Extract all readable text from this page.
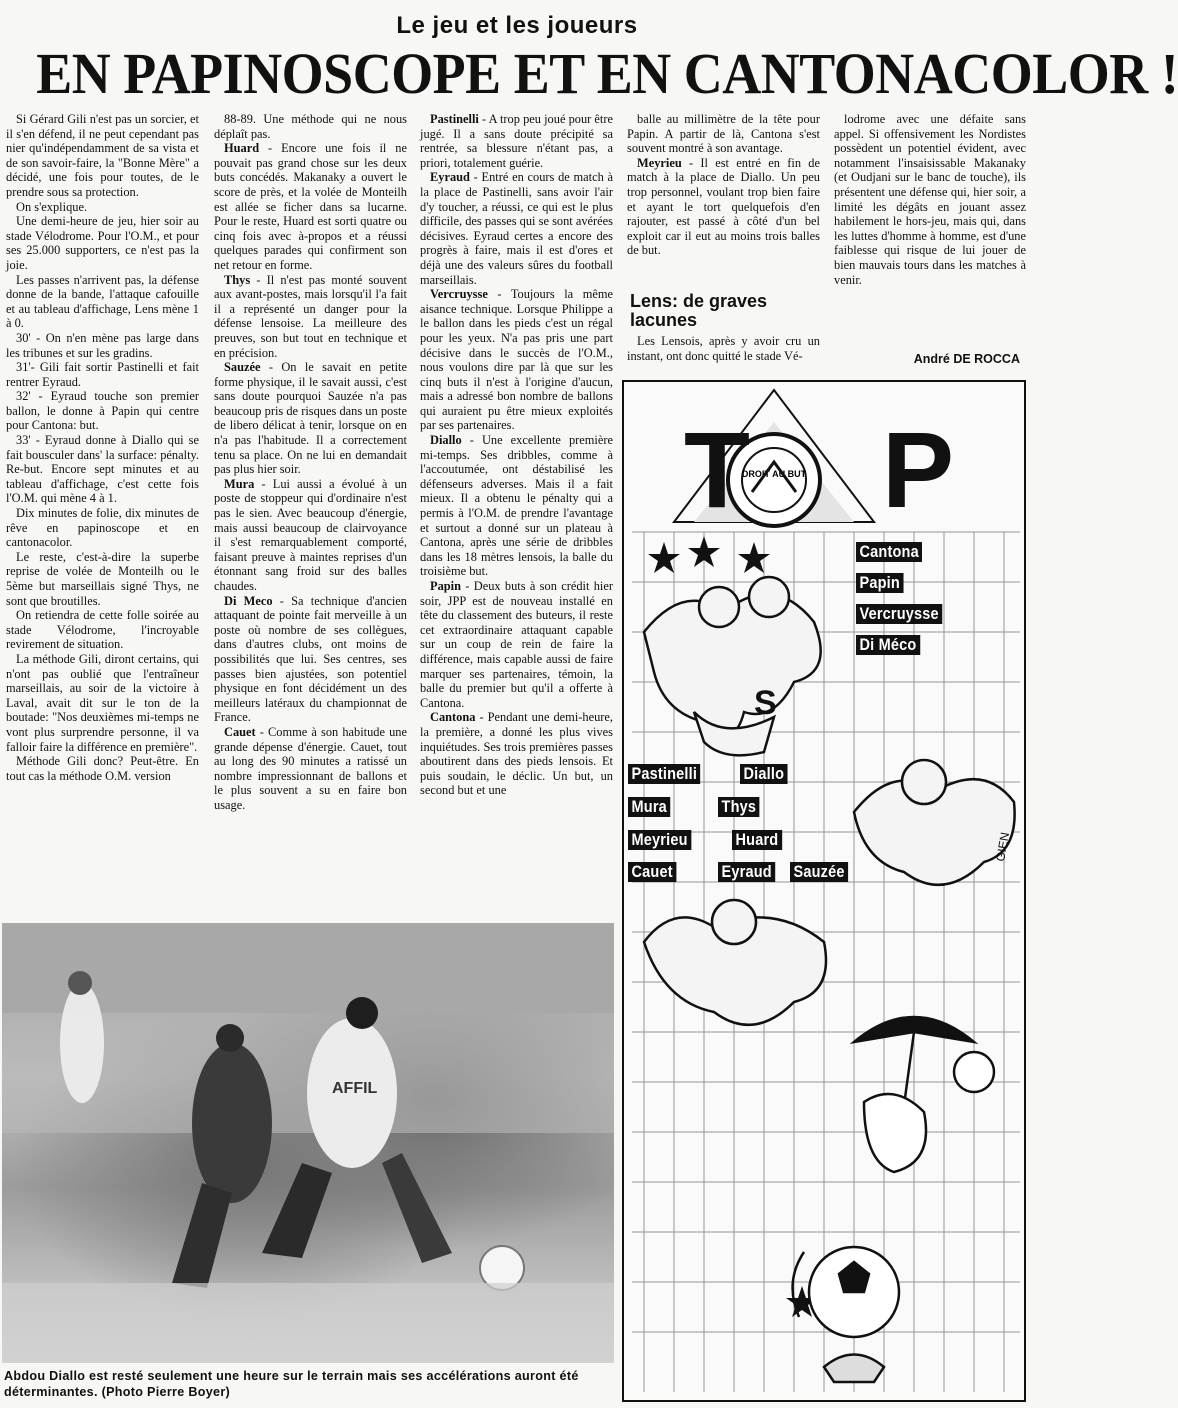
Le jeu et les joueurs
EN PAPINOSCOPE ET EN CANTONACOLOR !

Si Gérard Gili n'est pas un sorcier, et il s'en défend, il ne peut cependant pas nier qu'indépendamment de sa vista et de son savoir-faire, la "Bonne Mère" a décidé, une fois pour toutes, de le prendre sous sa protection.

On s'explique.

Une demi-heure de jeu, hier soir au stade Vélodrome. Pour l'O.M., et pour ses 25.000 supporters, ce n'est pas la joie.

Les passes n'arrivent pas, la défense donne de la bande, l'attaque cafouille et au tableau d'affichage, Lens mène 1 à 0.

30' - On n'en mène pas large dans les tribunes et sur les gradins.

31'- Gili fait sortir Pastinelli et fait rentrer Eyraud.

32' - Eyraud touche son premier ballon, le donne à Papin qui centre pour Cantona: but.

33' - Eyraud donne à Diallo qui se fait bousculer dans' la surface: pénalty. Re-but. Encore sept minutes et au tableau d'affichage, c'est cette fois l'O.M. qui mène 4 à 1.

Dix minutes de folie, dix minutes de rêve en papinoscope et en cantonacolor.

Le reste, c'est-à-dire la superbe reprise de volée de Monteilh ou le 5ème but marseillais signé Thys, ne sont que broutilles.

On retiendra de cette folle soirée au stade Vélodrome, l'incroyable revirement de situation.

La méthode Gili, diront certains, qui n'ont pas oublié que l'entraîneur marseillais, au soir de la victoire à Laval, avait dit sur le ton de la boutade: "Nos deuxièmes mi-temps ne vont plus surprendre personne, il va falloir faire la différence en première".

Méthode Gili donc? Peut-être. En tout cas la méthode O.M. version

88-89. Une méthode qui ne nous déplaît pas.

Huard - Encore une fois il ne pouvait pas grand chose sur les deux buts concédés. Makanaky a ouvert le score de près, et la volée de Monteilh est allée se ficher dans sa lucarne. Pour le reste, Huard est sorti quatre ou cinq fois avec à-propos et a réussi quelques parades qui confirment son net retour en forme.

Thys - Il n'est pas monté souvent aux avant-postes, mais lorsqu'il l'a fait il a représenté un danger pour la défense lensoise. La meilleure des preuves, son but tout en technique et en précision.

Sauzée - On le savait en petite forme physique, il le savait aussi, c'est sans doute pourquoi Sauzée n'a pas beaucoup pris de risques dans un poste de libero délicat à tenir, lorsque on en n'a pas l'habitude. Il a correctement tenu sa place. On ne lui en demandait pas plus hier soir.

Mura - Lui aussi a évolué à un poste de stoppeur qui d'ordinaire n'est pas le sien. Avec beaucoup d'énergie, mais aussi beaucoup de clairvoyance il s'est remarquablement comporté, faisant preuve à maintes reprises d'un étonnant sang froid sur des balles chaudes.

Di Meco - Sa technique d'ancien attaquant de pointe fait merveille à un poste où nombre de ses collègues, dans d'autres clubs, ont moins de possibilités que lui. Ses centres, ses passes bien ajustées, son potentiel physique en font décidément un des meilleurs latéraux du championnat de France.

Cauet - Comme à son habitude une grande dépense d'énergie. Cauet, tout au long des 90 minutes a ratissé un nombre impressionnant de ballons et le plus souvent a su en faire bon usage.

Pastinelli - A trop peu joué pour être jugé. Il a sans doute précipité sa rentrée, sa blessure n'étant pas, a priori, totalement guérie.

Eyraud - Entré en cours de match à la place de Pastinelli, sans avoir l'air d'y toucher, a réussi, ce qui est le plus difficile, des passes qui se sont avérées décisives. Eyraud certes a encore des progrès à faire, mais il est d'ores et déjà une des valeurs sûres du football marseillais.

Vercruysse - Toujours la même aisance technique. Lorsque Philippe a le ballon dans les pieds c'est un régal pour les yeux. N'a pas pris une part décisive dans le succès de l'O.M., nous voulons dire par là que sur les cinq buts il n'est à l'origine d'aucun, mais a adressé bon nombre de ballons qui auraient pu être mieux exploités par ses partenaires.

Diallo - Une excellente première mi-temps. Ses dribbles, comme à l'accoutumée, ont déstabilisé les défenseurs adverses. Mais il a fait mieux. Il a obtenu le pénalty qui a permis à l'O.M. de prendre l'avantage et surtout a donné sur un plateau à Cantona, après une série de dribbles dans les 18 mètres lensois, la balle du troisième but.

Papin - Deux buts à son crédit hier soir, JPP est de nouveau installé en tête du classement des buteurs, il reste cet extraordinaire attaquant capable sur un coup de rein de faire la différence, mais capable aussi de faire marquer ses partenaires, témoin, la balle du premier but qu'il a offerte à Cantona.

Cantona - Pendant une demi-heure, la première, a donné les plus vives inquiétudes. Ses trois premières passes aboutirent dans des pieds lensois. Et puis soudain, le déclic. Un but, un second but et une

balle au millimètre de la tête pour Papin. A partir de là, Cantona s'est souvent montré à son avantage.

Meyrieu - Il est entré en fin de match à la place de Diallo. Un peu trop personnel, voulant trop bien faire et ayant le tort quelquefois d'en rajouter, est passé à côté d'un bel exploit car il eut au moins trois balles de but.

Lens: de graves lacunes

Les Lensois, après y avoir cru un instant, ont donc quitté le stade Vé-

lodrome avec une défaite sans appel. Si offensivement les Nordistes possèdent un potentiel évident, avec notamment l'insaisissable Makanaky (et Oudjani sur le banc de touche), ils présentent une défense qui, hier soir, a limité les dégâts en jouant assez habilement le hors-jeu, mais qui, dans les luttes d'homme à homme, est d'une faiblesse qui risque de lui jouer de bien mauvais tours dans les matches à venir.

André DE ROCCA
AFFIL
Abdou Diallo est resté seulement une heure sur le terrain mais ses accélérations auront été déterminantes. (Photo Pierre Boyer)
DROIT AU BUT
S
GIEN
T P
Cantona
Papin
Vercruysse
Di Méco
Pastinelli	Diallo
Mura	Thys
Meyrieu	Huard
Cauet	Eyraud Sauzée
